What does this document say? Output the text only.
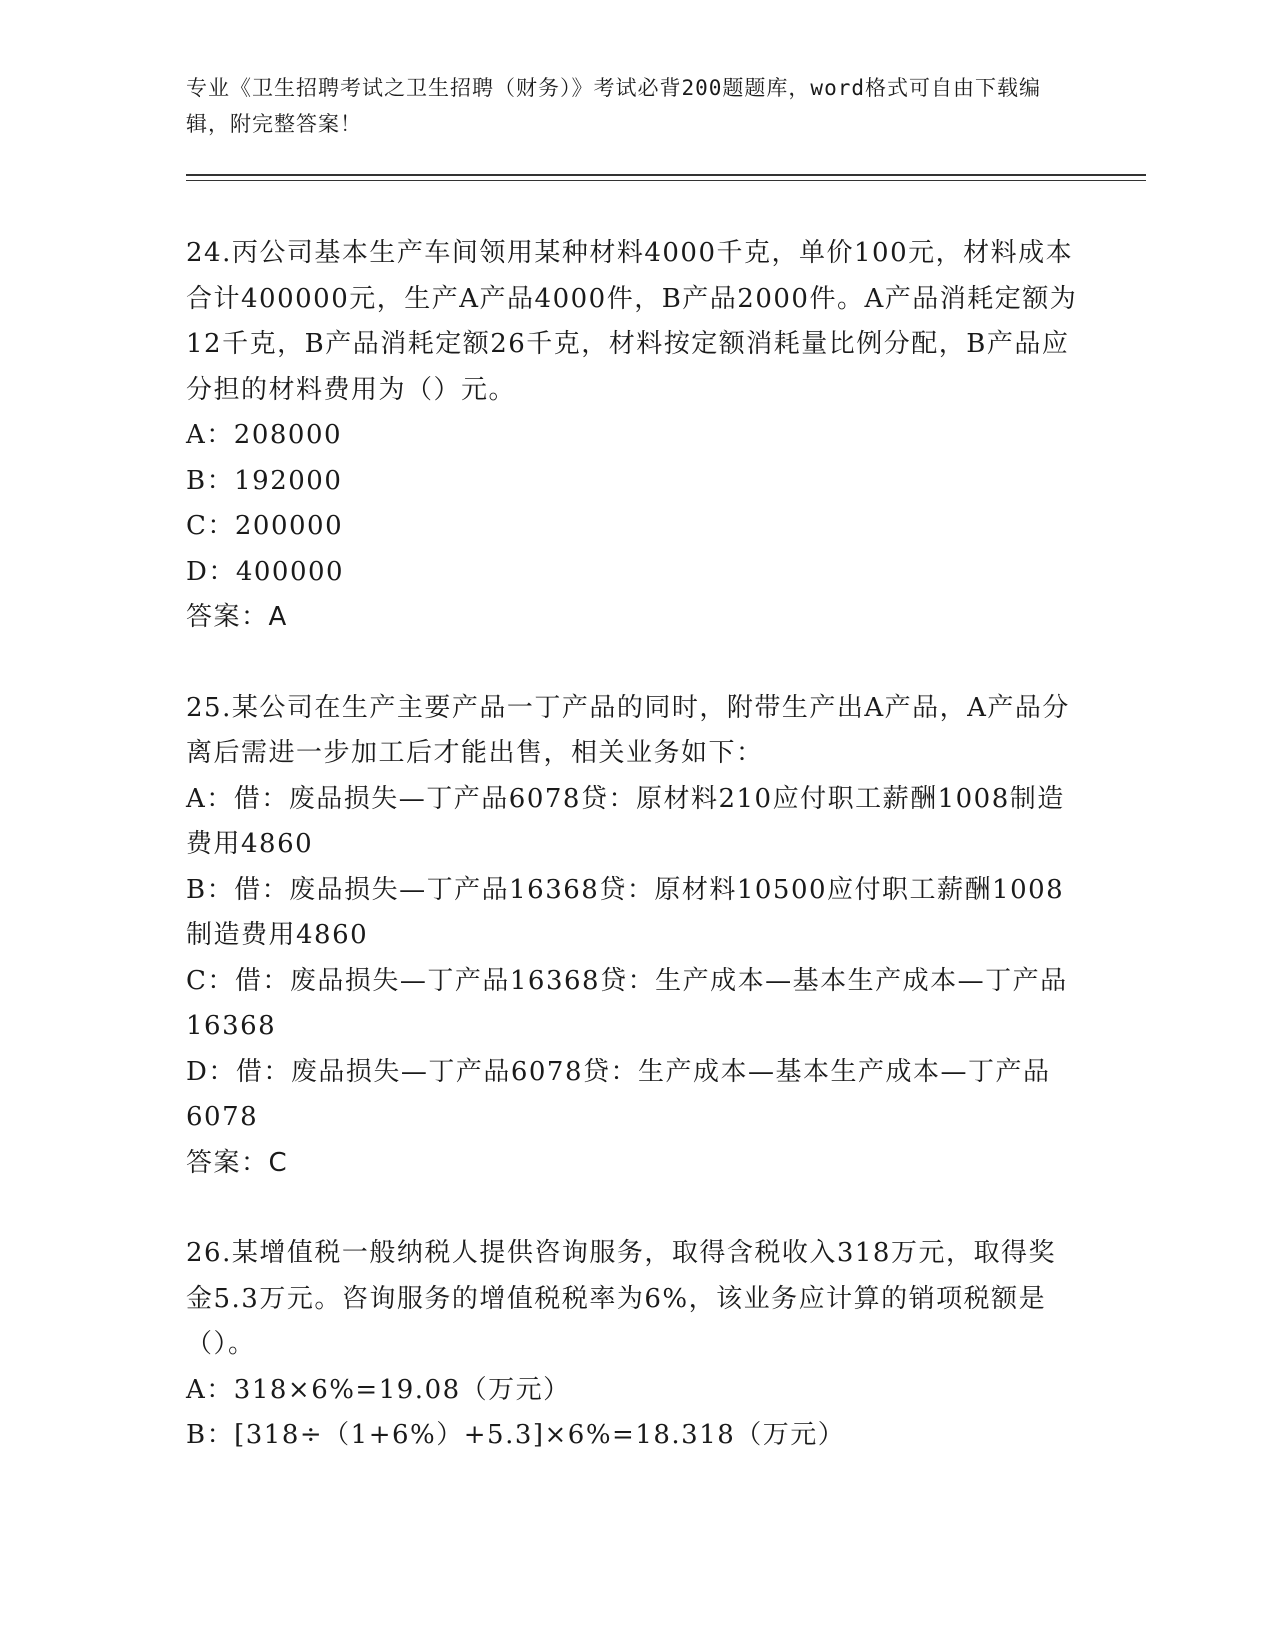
专业《卫生招聘考试之卫生招聘（财务）》考试必背200题题库，word格式可自由下载编辑，附完整答案！

24.丙公司基本生产车间领用某种材料4000千克，单价100元，材料成本合计400000元，生产A产品4000件，B产品2000件。A产品消耗定额为12千克，B产品消耗定额26千克，材料按定额消耗量比例分配，B产品应分担的材料费用为（）元。

A：208000

B：192000

C：200000

D：400000

答案：A

25.某公司在生产主要产品一丁产品的同时，附带生产出A产品，A产品分离后需进一步加工后才能出售，相关业务如下：

A：借：废品损失—丁产品6078贷：原材料210应付职工薪酬1008制造费用4860

B：借：废品损失—丁产品16368贷：原材料10500应付职工薪酬1008制造费用4860

C：借：废品损失—丁产品16368贷：生产成本—基本生产成本—丁产品16368

D：借：废品损失—丁产品6078贷：生产成本—基本生产成本—丁产品6078

答案：C

26.某增值税一般纳税人提供咨询服务，取得含税收入318万元，取得奖金5.3万元。咨询服务的增值税税率为6%，该业务应计算的销项税额是（）。

A：318×6%=19.08（万元）

B：[318÷（1+6%）+5.3]×6%=18.318（万元）
